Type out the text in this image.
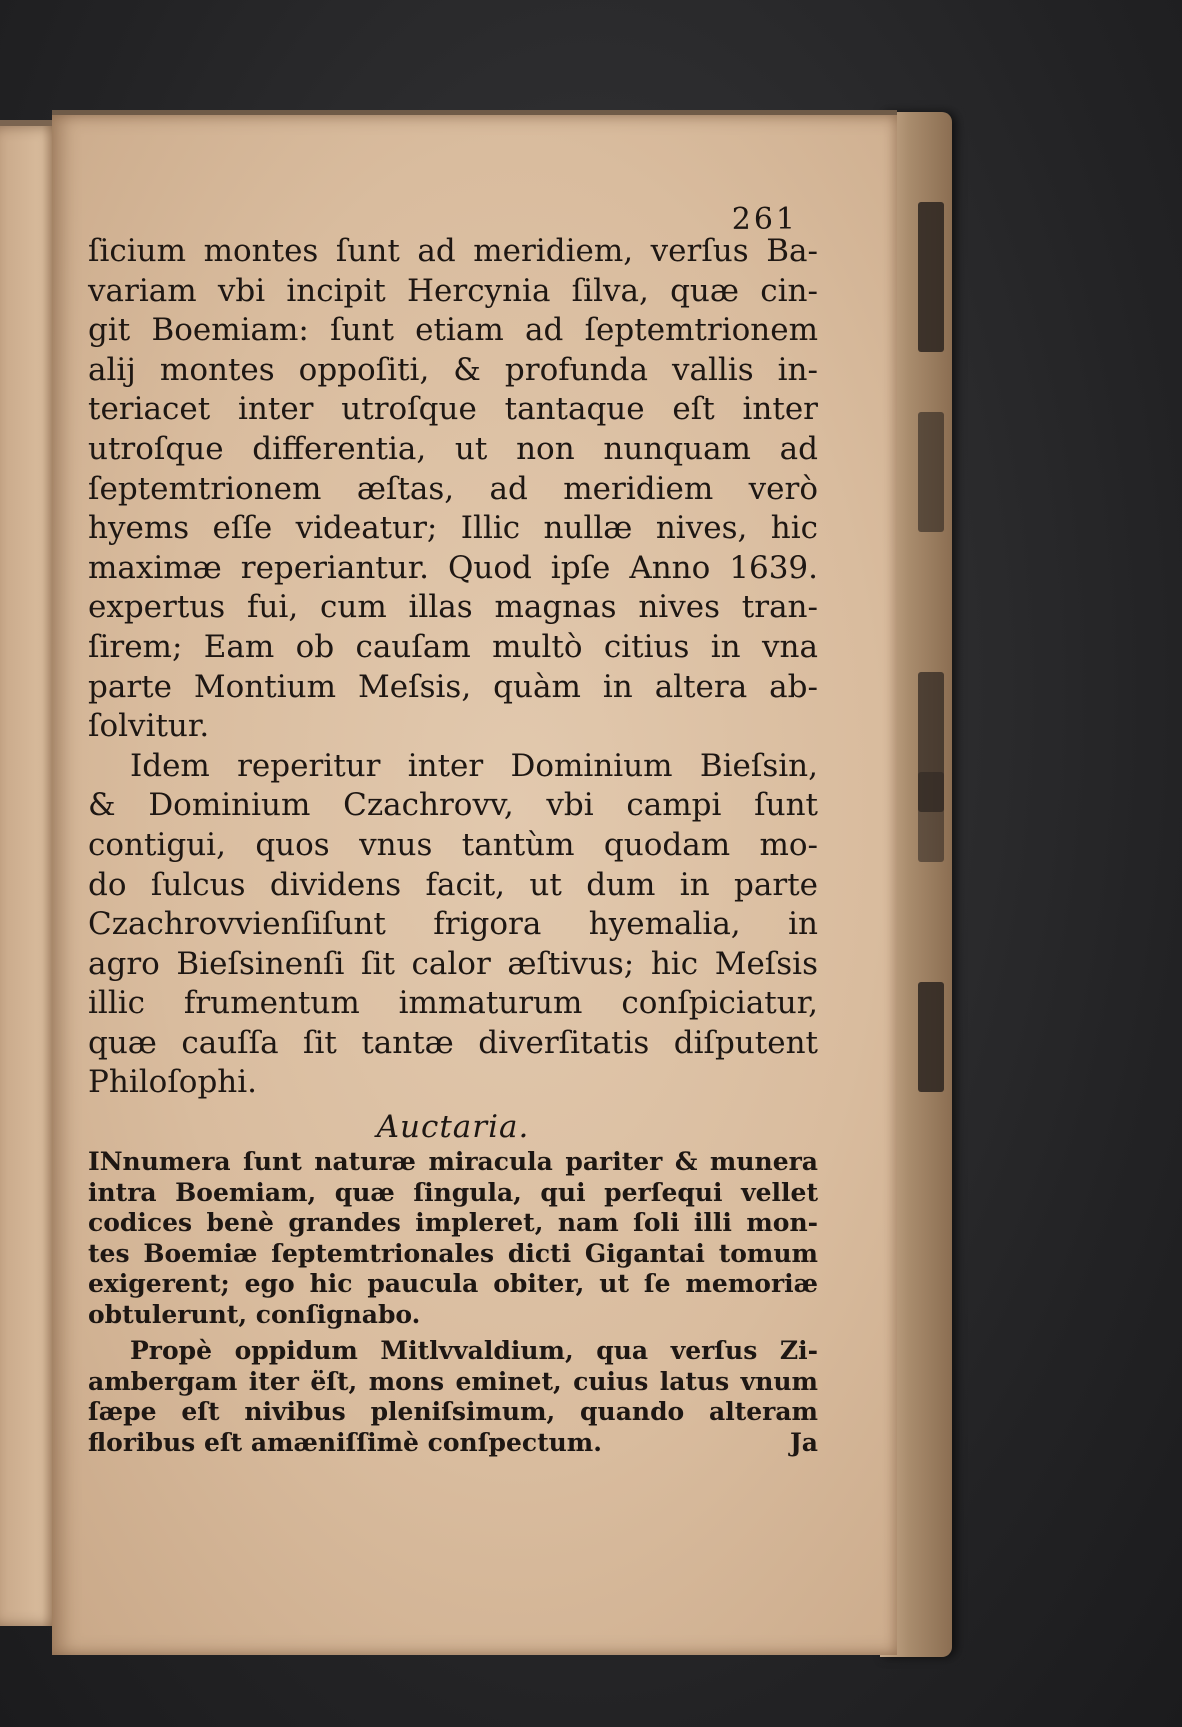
261

ſicium montes ſunt ad meridiem, verſus Ba-
variam vbi incipit Hercynia ſilva, quæ cin-
git Boemiam: ſunt etiam ad ſeptemtrionem
alij montes oppoſiti, & profunda vallis in-
teriacet inter utroſque tantaque eſt inter
utroſque differentia, ut non nunquam ad
ſeptemtrionem æſtas, ad meridiem verò
hyems eſſe videatur; Illic nullæ nives, hic
maximæ reperiantur. Quod ipſe Anno 1639.
expertus fui, cum illas magnas nives tran-
ſirem; Eam ob cauſam multò citius in vna
parte Montium Meſsis, quàm in altera ab-
ſolvitur.

Idem reperitur inter Dominium Bieſsin,
& Dominium Czachrovv, vbi campi ſunt
contigui, quos vnus tantùm quodam mo-
do ſulcus dividens facit, ut dum in parte
Czachrovvienſiſunt frigora hyemalia, in
agro Bieſsinenſi ſit calor æſtivus; hic Meſsis
illic frumentum immaturum conſpiciatur,
quæ cauſſa ſit tantæ diverſitatis diſputent
Philoſophi.

Auctaria.

INnumera ſunt naturæ miracula pariter & munera
intra Boemiam, quæ ſingula, qui perſequi vellet
codices benè grandes impleret, nam ſoli illi mon-
tes Boemiæ ſeptemtrionales dicti Gigantai tomum
exigerent; ego hic paucula obiter, ut ſe memoriæ
obtulerunt, conſignabo.

Propè oppidum Mitlvvaldium, qua verſus Zi-
ambergam iter ëſt, mons eminet, cuius latus vnum
ſæpe eſt nivibus pleniſsimum, quando alteram
floribus eſt amæniſſimè conſpectum.	Ja
